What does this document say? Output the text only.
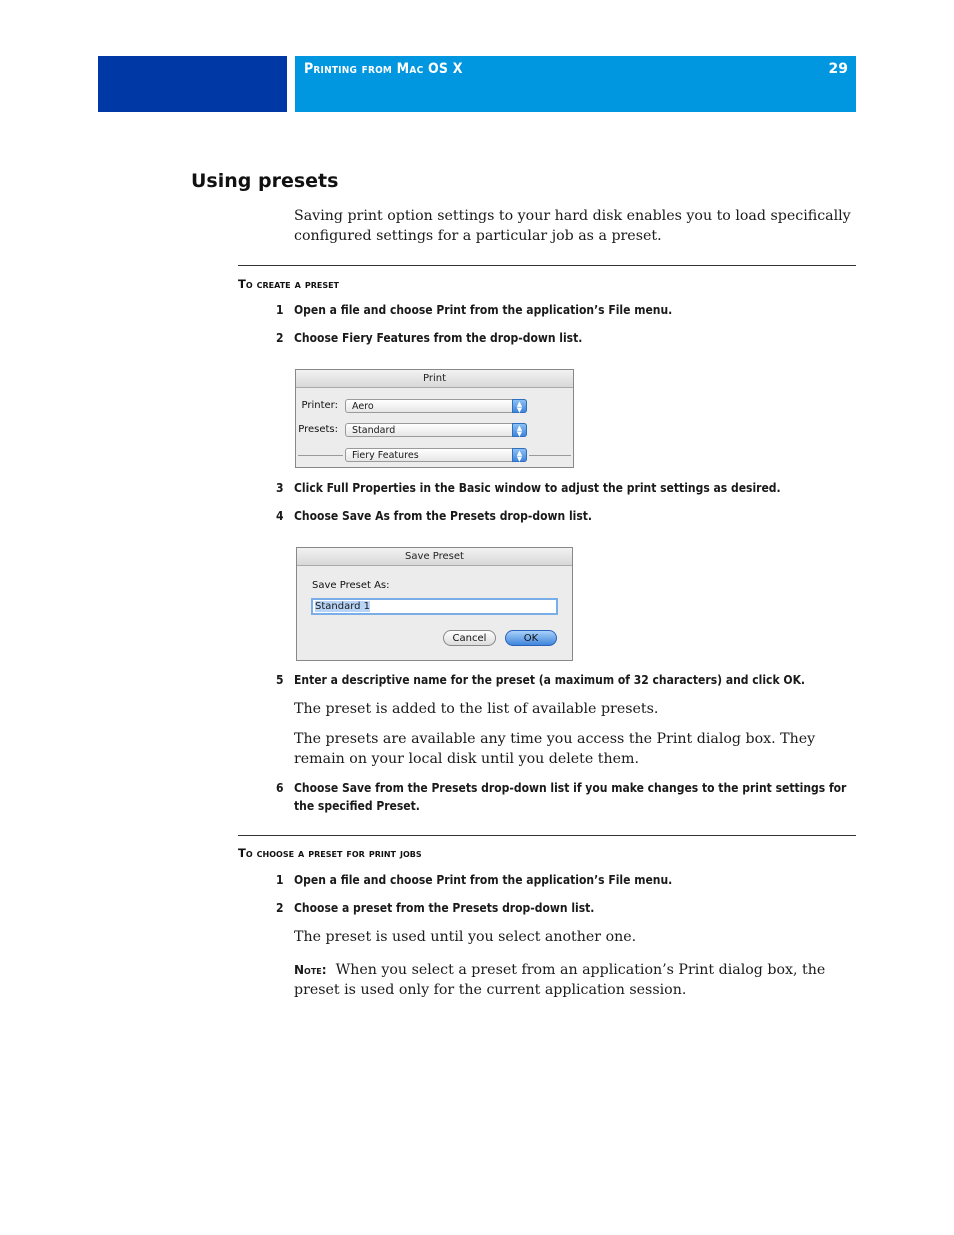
Printing from Mac OS X	29
Using presets

Saving print option settings to your hard disk enables you to load specifically configured settings for a particular job as a preset.

To create a preset
1 Open a file and choose Print from the application’s File menu.

2 Choose Fiery Features from the drop-down list.

Print
Printer:	Aero	▲
▼
Presets:	Standard	▲
▼
Fiery Features	▲
▼
3 Click Full Properties in the Basic window to adjust the print settings as desired.

4 Choose Save As from the Presets drop-down list.

Save Preset
Save Preset As:
Standard 1
Cancel	OK
5 Enter a descriptive name for the preset (a maximum of 32 characters) and click OK.

The preset is added to the list of available presets.

The presets are available any time you access the Print dialog box. They remain on your local disk until you delete them.

6 Choose Save from the Presets drop-down list if you make changes to the print settings for the specified Preset.

To choose a preset for print jobs
1 Open a file and choose Print from the application’s File menu.

2 Choose a preset from the Presets drop-down list.

The preset is used until you select another one.

Note: When you select a preset from an application’s Print dialog box, the preset is used only for the current application session.
